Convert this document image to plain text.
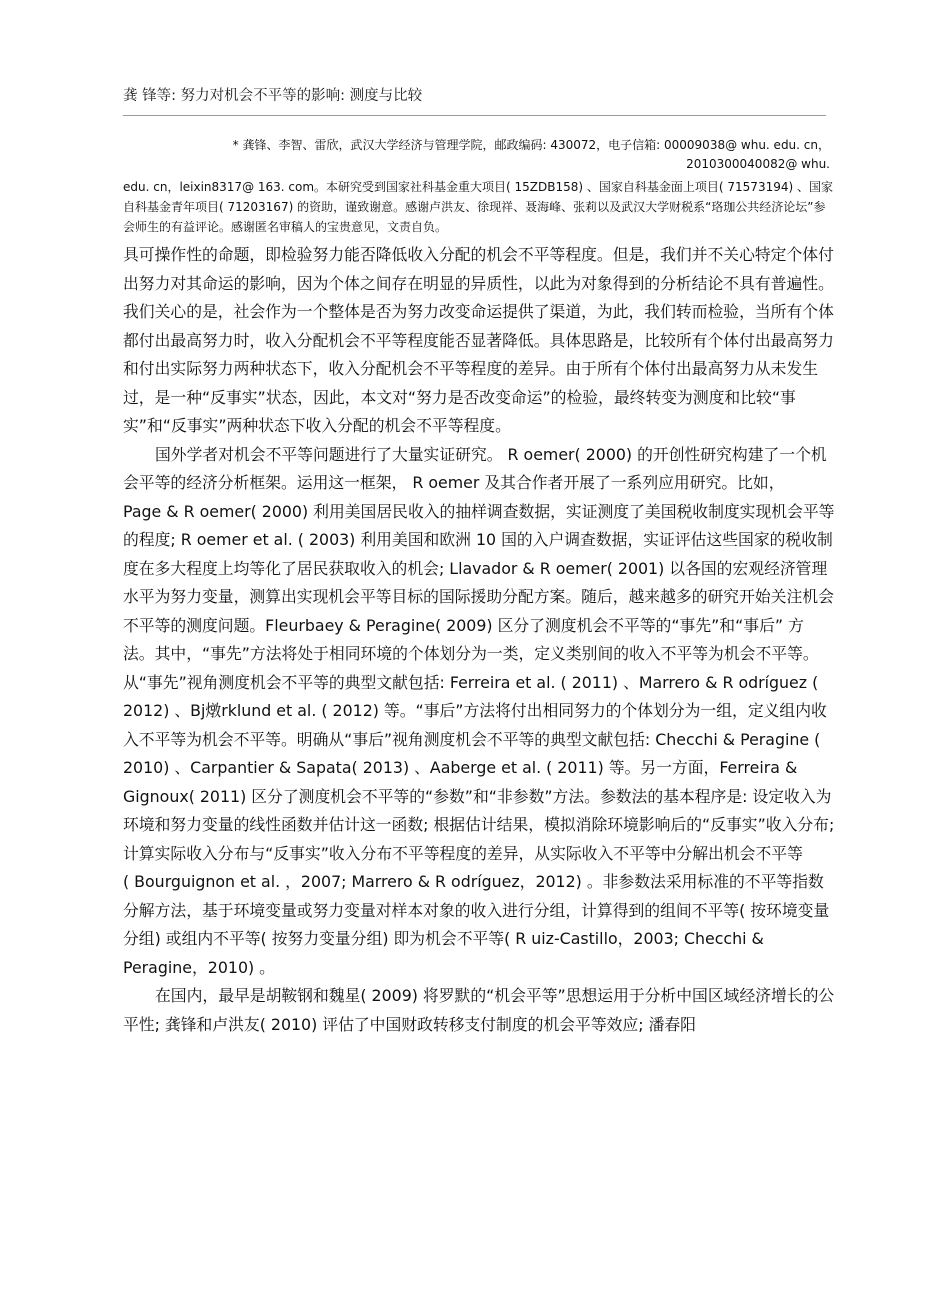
龚 锋等: 努力对机会不平等的影响: 测度与比较
* 龚锋、李智、雷欣，武汉大学经济与管理学院，邮政编码: 430072，电子信箱: 00009038@ whu. edu. cn，2010300040082@ whu.
edu. cn，leixin8317@ 163. com。本研究受到国家社科基金重大项目( 15ZDB158) 、国家自科基金面上项目( 71573194) 、国家自科基金青年项目( 71203167) 的资助，谨致谢意。感谢卢洪友、徐现祥、聂海峰、张莉以及武汉大学财税系“珞珈公共经济论坛”参会师生的有益评论。感谢匿名审稿人的宝贵意见，文责自负。

具可操作性的命题，即检验努力能否降低收入分配的机会不平等程度。但是，我们并不关心特定个体付出努力对其命运的影响，因为个体之间存在明显的异质性，以此为对象得到的分析结论不具有普遍性。我们关心的是，社会作为一个整体是否为努力改变命运提供了渠道，为此，我们转而检验，当所有个体都付出最高努力时，收入分配机会不平等程度能否显著降低。具体思路是，比较所有个体付出最高努力和付出实际努力两种状态下，收入分配机会不平等程度的差异。由于所有个体付出最高努力从未发生过，是一种“反事实”状态，因此，本文对“努力是否改变命运”的检验，最终转变为测度和比较“事实”和“反事实”两种状态下收入分配的机会不平等程度。

国外学者对机会不平等问题进行了大量实证研究。 R oemer( 2000) 的开创性研究构建了一个机会平等的经济分析框架。运用这一框架， R oemer 及其合作者开展了一系列应用研究。比如，

Page & R oemer( 2000) 利用美国居民收入的抽样调查数据，实证测度了美国税收制度实现机会平等的程度; R oemer et al. ( 2003) 利用美国和欧洲 10 国的入户调查数据，实证评估这些国家的税收制度在多大程度上均等化了居民获取收入的机会; Llavador & R oemer( 2001) 以各国的宏观经济管理水平为努力变量，测算出实现机会平等目标的国际援助分配方案。随后，越来越多的研究开始关注机会不平等的测度问题。Fleurbaey & Peragine( 2009) 区分了测度机会不平等的“事先”和“事后” 方法。其中，“事先”方法将处于相同环境的个体划分为一类，定义类别间的收入不平等为机会不平等。从“事先”视角测度机会不平等的典型文献包括: Ferreira et al. ( 2011) 、Marrero & R odríguez ( 2012) 、Bj燉rklund et al. ( 2012) 等。“事后”方法将付出相同努力的个体划分为一组，定义组内收入不平等为机会不平等。明确从“事后”视角测度机会不平等的典型文献包括: Checchi & Peragine ( 2010) 、Carpantier & Sapata( 2013) 、Aaberge et al. ( 2011) 等。另一方面，Ferreira & Gignoux( 2011) 区分了测度机会不平等的“参数”和“非参数”方法。参数法的基本程序是: 设定收入为环境和努力变量的线性函数并估计这一函数; 根据估计结果，模拟消除环境影响后的“反事实”收入分布; 计算实际收入分布与“反事实”收入分布不平等程度的差异，从实际收入不平等中分解出机会不平等

( Bourguignon et al. ，2007; Marrero & R odríguez，2012) 。非参数法采用标准的不平等指数分解方法，基于环境变量或努力变量对样本对象的收入进行分组，计算得到的组间不平等( 按环境变量分组) 或组内不平等( 按努力变量分组) 即为机会不平等( R uiz-Castillo，2003; Checchi & Peragine，2010) 。

在国内，最早是胡鞍钢和魏星( 2009) 将罗默的“机会平等”思想运用于分析中国区域经济增长的公平性; 龚锋和卢洪友( 2010) 评估了中国财政转移支付制度的机会平等效应; 潘春阳
